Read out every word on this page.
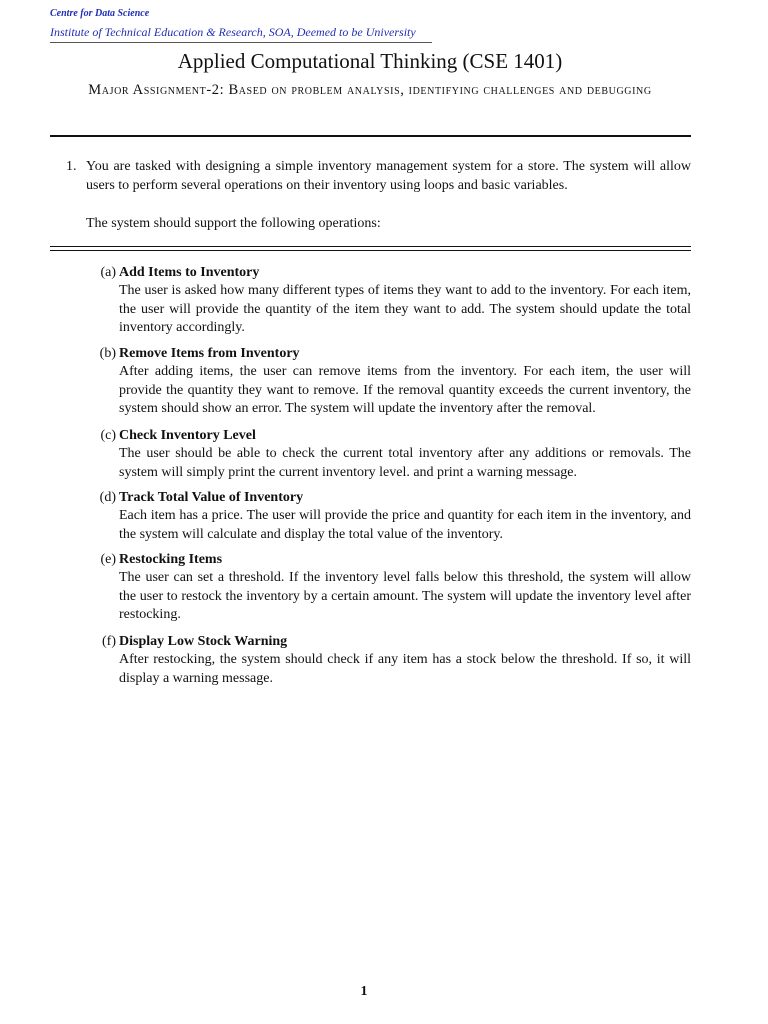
Centre for Data Science
Institute of Technical Education & Research, SOA, Deemed to be University
Applied Computational Thinking (CSE 1401)
Major Assignment-2: Based on problem analysis, identifying challenges and debugging
1. You are tasked with designing a simple inventory management system for a store. The system will allow users to perform several operations on their inventory using loops and basic variables.
The system should support the following operations:
(a) Add Items to Inventory
The user is asked how many different types of items they want to add to the inventory. For each item, the user will provide the quantity of the item they want to add. The system should update the total inventory accordingly.
(b) Remove Items from Inventory
After adding items, the user can remove items from the inventory. For each item, the user will provide the quantity they want to remove. If the removal quantity exceeds the current inventory, the system should show an error. The system will update the inventory after the removal.
(c) Check Inventory Level
The user should be able to check the current total inventory after any additions or removals. The system will simply print the current inventory level. and print a warning message.
(d) Track Total Value of Inventory
Each item has a price. The user will provide the price and quantity for each item in the inventory, and the system will calculate and display the total value of the inventory.
(e) Restocking Items
The user can set a threshold. If the inventory level falls below this threshold, the system will allow the user to restock the inventory by a certain amount. The system will update the inventory level after restocking.
(f) Display Low Stock Warning
After restocking, the system should check if any item has a stock below the threshold. If so, it will display a warning message.
1
